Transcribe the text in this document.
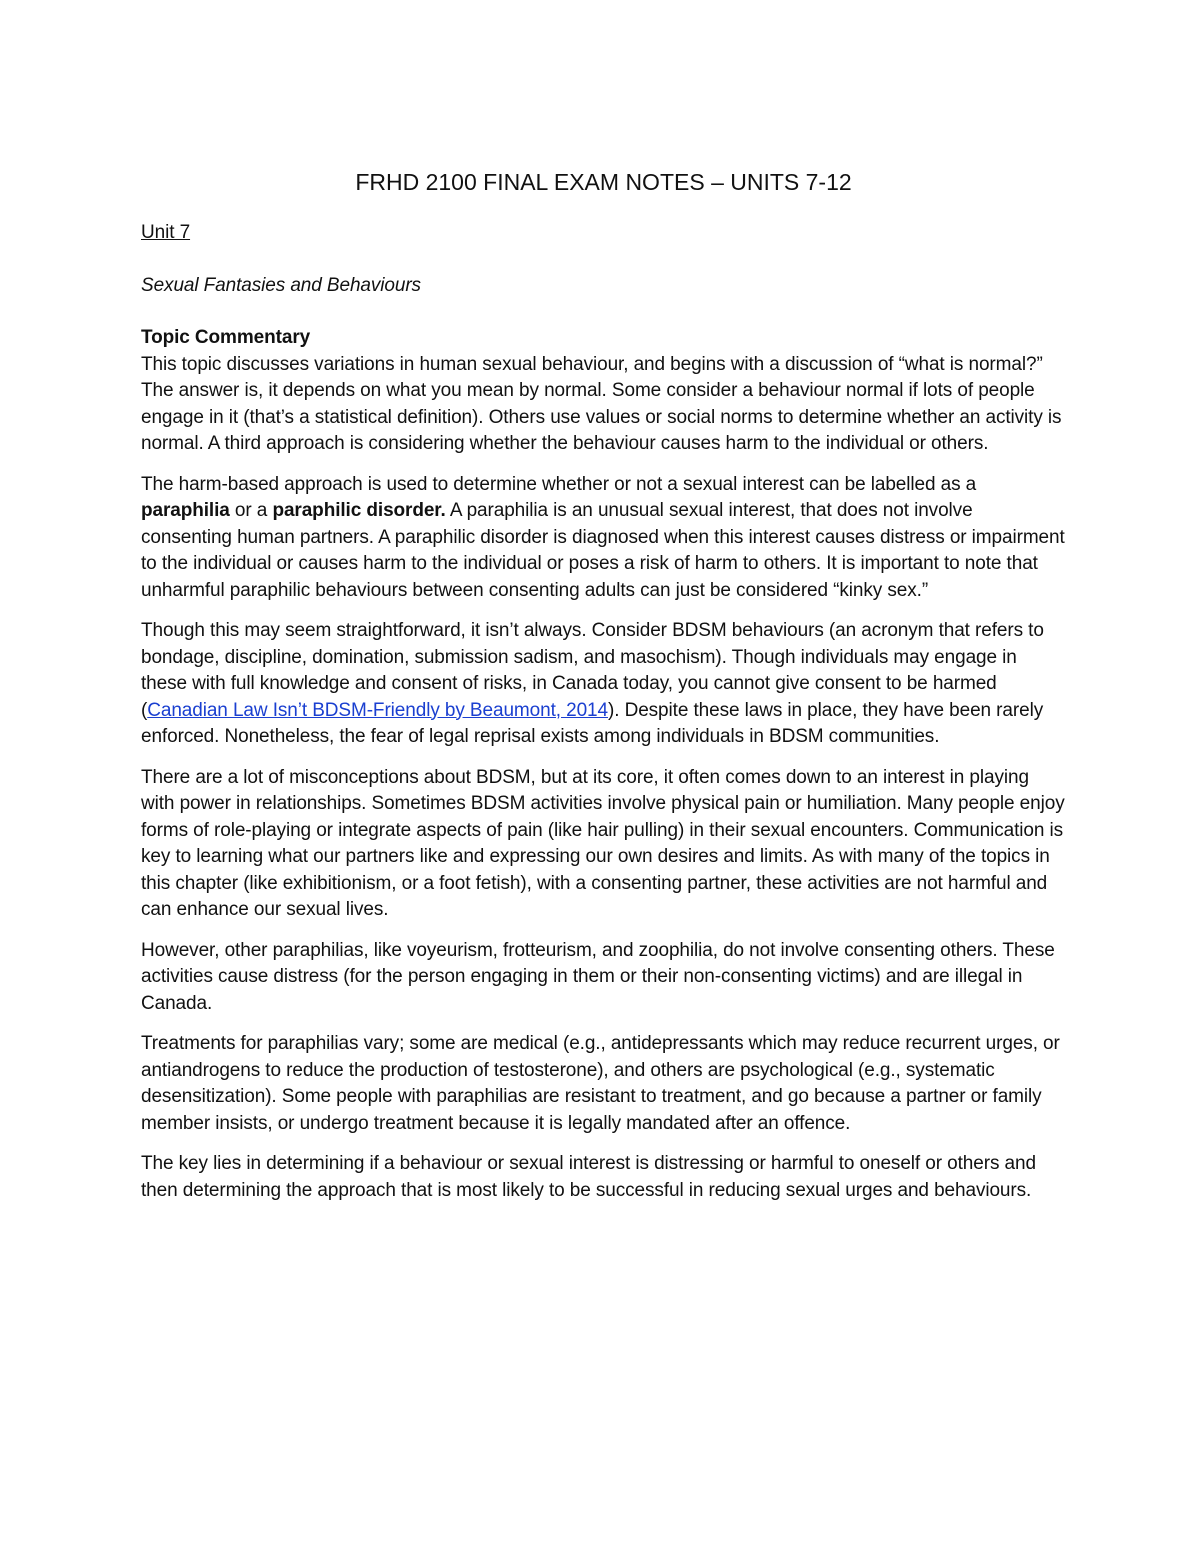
FRHD 2100 FINAL EXAM NOTES – UNITS 7-12

Unit 7

Sexual Fantasies and Behaviours

Topic Commentary

This topic discusses variations in human sexual behaviour, and begins with a discussion of “what is normal?” The answer is, it depends on what you mean by normal. Some consider a behaviour normal if lots of people engage in it (that’s a statistical definition). Others use values or social norms to determine whether an activity is normal. A third approach is considering whether the behaviour causes harm to the individual or others.

The harm-based approach is used to determine whether or not a sexual interest can be labelled as a paraphilia or a paraphilic disorder. A paraphilia is an unusual sexual interest, that does not involve consenting human partners. A paraphilic disorder is diagnosed when this interest causes distress or impairment to the individual or causes harm to the individual or poses a risk of harm to others. It is important to note that unharmful paraphilic behaviours between consenting adults can just be considered “kinky sex.”

Though this may seem straightforward, it isn’t always. Consider BDSM behaviours (an acronym that refers to bondage, discipline, domination, submission sadism, and masochism). Though individuals may engage in these with full knowledge and consent of risks, in Canada today, you cannot give consent to be harmed (Canadian Law Isn’t BDSM-Friendly by Beaumont, 2014). Despite these laws in place, they have been rarely enforced. Nonetheless, the fear of legal reprisal exists among individuals in BDSM communities.

There are a lot of misconceptions about BDSM, but at its core, it often comes down to an interest in playing with power in relationships. Sometimes BDSM activities involve physical pain or humiliation. Many people enjoy forms of role-playing or integrate aspects of pain (like hair pulling) in their sexual encounters. Communication is key to learning what our partners like and expressing our own desires and limits. As with many of the topics in this chapter (like exhibitionism, or a foot fetish), with a consenting partner, these activities are not harmful and can enhance our sexual lives.

However, other paraphilias, like voyeurism, frotteurism, and zoophilia, do not involve consenting others. These activities cause distress (for the person engaging in them or their non-consenting victims) and are illegal in Canada.

Treatments for paraphilias vary; some are medical (e.g., antidepressants which may reduce recurrent urges, or antiandrogens to reduce the production of testosterone), and others are psychological (e.g., systematic desensitization). Some people with paraphilias are resistant to treatment, and go because a partner or family member insists, or undergo treatment because it is legally mandated after an offence.

The key lies in determining if a behaviour or sexual interest is distressing or harmful to oneself or others and then determining the approach that is most likely to be successful in reducing sexual urges and behaviours.
